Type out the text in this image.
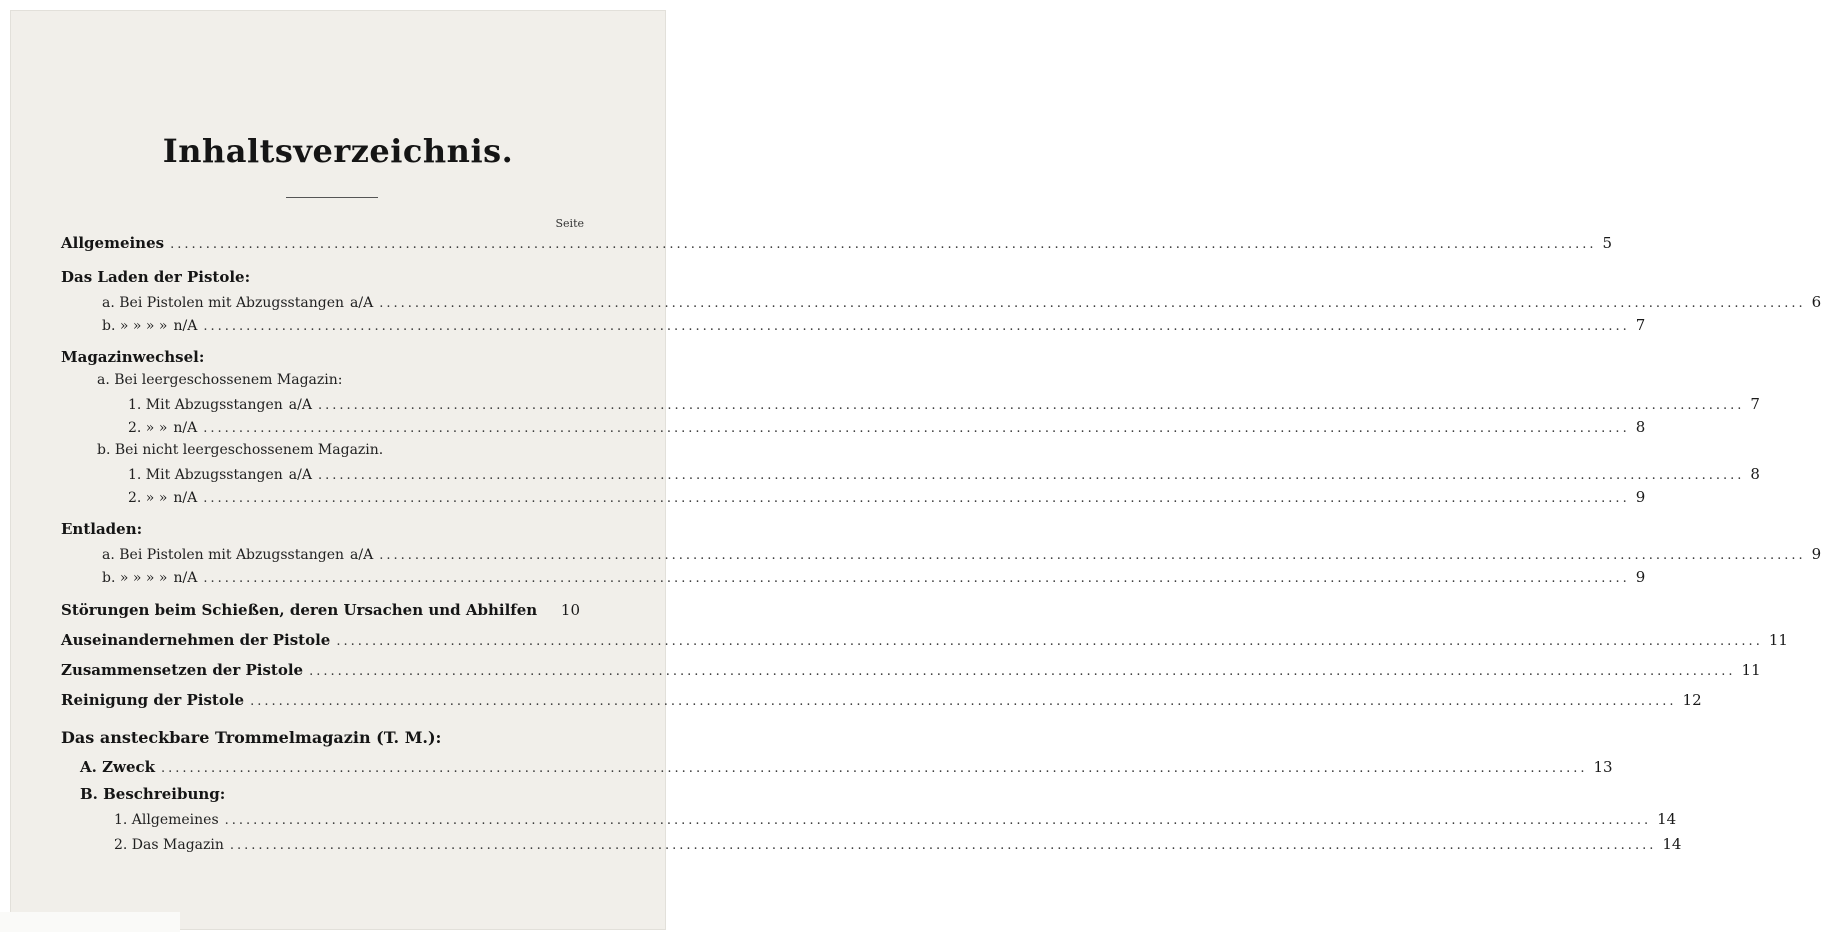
Inhaltsverzeichnis.
Seite
Allgemeines ........................................................................................................................................................................................................ 5
Das Laden der Pistole:
a. Bei Pistolen mit Abzugsstangen a/A ........................................................................................................................................................................................................ 6
b. » » » » n/A ........................................................................................................................................................................................................ 7
Magazinwechsel:
a. Bei leergeschossenem Magazin:
1. Mit Abzugsstangen a/A ........................................................................................................................................................................................................ 7
2. » » n/A ........................................................................................................................................................................................................ 8
b. Bei nicht leergeschossenem Magazin.
1. Mit Abzugsstangen a/A ........................................................................................................................................................................................................ 8
2. » » n/A ........................................................................................................................................................................................................ 9
Entladen:
a. Bei Pistolen mit Abzugsstangen a/A ........................................................................................................................................................................................................ 9
b. » » » » n/A ........................................................................................................................................................................................................ 9
Störungen beim Schießen, deren Ursachen und Abhilfen 10
Auseinandernehmen der Pistole ........................................................................................................................................................................................................ 11
Zusammensetzen der Pistole ........................................................................................................................................................................................................ 11
Reinigung der Pistole ........................................................................................................................................................................................................ 12
Das ansteckbare Trommelmagazin (T. M.):
A. Zweck ........................................................................................................................................................................................................ 13
B. Beschreibung:
1. Allgemeines ........................................................................................................................................................................................................ 14
2. Das Magazin ........................................................................................................................................................................................................ 14
